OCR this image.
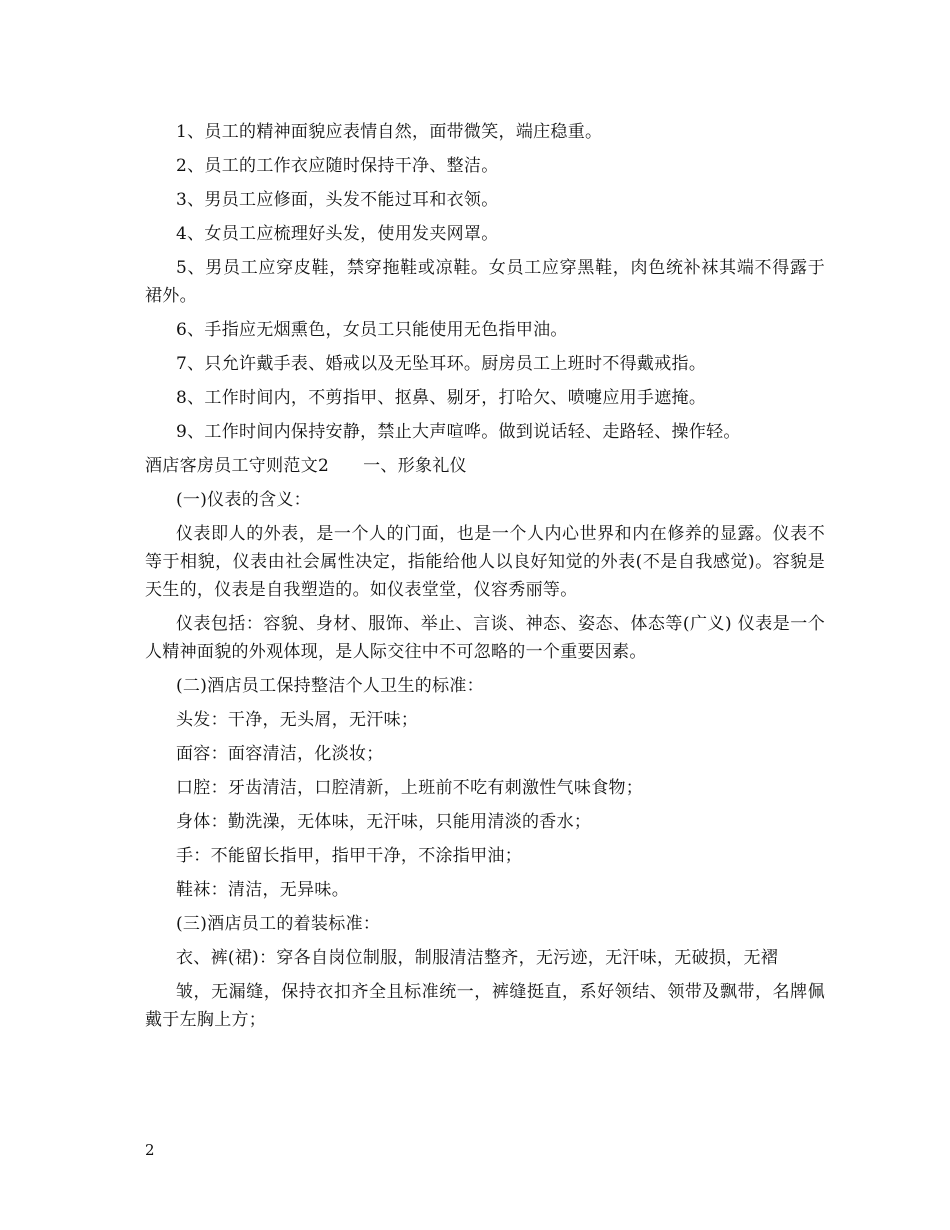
1、员工的精神面貌应表情自然，面带微笑，端庄稳重。

2、员工的工作衣应随时保持干净、整洁。

3、男员工应修面，头发不能过耳和衣领。

4、女员工应梳理好头发，使用发夹网罩。

5、男员工应穿皮鞋，禁穿拖鞋或凉鞋。女员工应穿黑鞋，肉色统补袜其端不得露于裙外。

6、手指应无烟熏色，女员工只能使用无色指甲油。

7、只允许戴手表、婚戒以及无坠耳环。厨房员工上班时不得戴戒指。

8、工作时间内，不剪指甲、抠鼻、剔牙，打哈欠、喷嚏应用手遮掩。

9、工作时间内保持安静，禁止大声喧哗。做到说话轻、走路轻、操作轻。

酒店客房员工守则范文2 一、形象礼仪

(一)仪表的含义：

仪表即人的外表，是一个人的门面，也是一个人内心世界和内在修养的显露。仪表不等于相貌，仪表由社会属性决定，指能给他人以良好知觉的外表(不是自我感觉)。容貌是天生的，仪表是自我塑造的。如仪表堂堂，仪容秀丽等。

仪表包括：容貌、身材、服饰、举止、言谈、神态、姿态、体态等(广义) 仪表是一个人精神面貌的外观体现，是人际交往中不可忽略的一个重要因素。

(二)酒店员工保持整洁个人卫生的标准：

头发：干净，无头屑，无汗味；

面容：面容清洁，化淡妆；

口腔：牙齿清洁，口腔清新，上班前不吃有刺激性气味食物；

身体：勤洗澡，无体味，无汗味，只能用清淡的香水；

手：不能留长指甲，指甲干净，不涂指甲油；

鞋袜：清洁，无异味。

(三)酒店员工的着装标准：

衣、裤(裙)：穿各自岗位制服，制服清洁整齐，无污迹，无汗味，无破损，无褶

皱，无漏缝，保持衣扣齐全且标准统一，裤缝挺直，系好领结、领带及飘带，名牌佩戴于左胸上方；

2
